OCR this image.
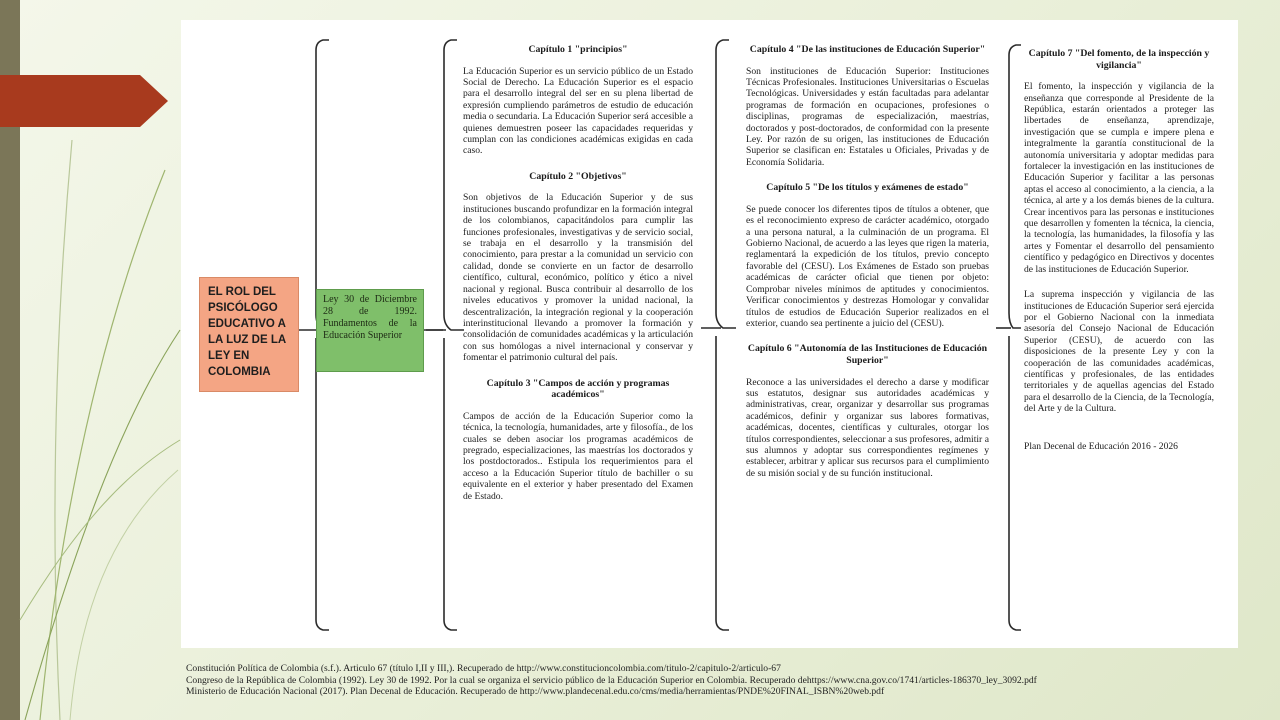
EL ROL DEL PSICÓLOGO EDUCATIVO A LA LUZ DE LA LEY EN COLOMBIA
Ley 30 de Diciembre 28 de 1992. Fundamentos de la Educación Superior

Capítulo 1 "principios"

La Educación Superior es un servicio público de un Estado Social de Derecho. La Educación Superior es el espacio para el desarrollo integral del ser en su plena libertad de expresión cumpliendo parámetros de estudio de educación media o secundaria. La Educación Superior será accesible a quienes demuestren poseer las capacidades requeridas y cumplan con las condiciones académicas exigidas en cada caso.

Capítulo 2 "Objetivos"

Son objetivos de la Educación Superior y de sus instituciones buscando profundizar en la formación integral de los colombianos, capacitándolos para cumplir las funciones profesionales, investigativas y de servicio social, se trabaja en el desarrollo y la transmisión del conocimiento, para prestar a la comunidad un servicio con calidad, donde se convierte en un factor de desarrollo científico, cultural, económico, político y ético a nivel nacional y regional. Busca contribuir al desarrollo de los niveles educativos y promover la unidad nacional, la descentralización, la integración regional y la cooperación interinstitucional llevando a promover la formación y consolidación de comunidades académicas y la articulación con sus homólogas a nivel internacional y conservar y fomentar el patrimonio cultural del país.

Capítulo 3 "Campos de acción y programas académicos"

Campos de acción de la Educación Superior como la técnica, la tecnología, humanidades, arte y filosofía., de los cuales se deben asociar los programas académicos de pregrado, especializaciones, las maestrías los doctorados y los postdoctorados.. Estipula los requerimientos para el acceso a la Educación Superior título de bachiller o su equivalente en el exterior y haber presentado del Examen de Estado.

Capítulo 4 "De las instituciones de Educación Superior"

Son instituciones de Educación Superior: Instituciones Técnicas Profesionales. Instituciones Universitarias o Escuelas Tecnológicas. Universidades y están facultadas para adelantar programas de formación en ocupaciones, profesiones o disciplinas, programas de especialización, maestrías, doctorados y post-doctorados, de conformidad con la presente Ley. Por razón de su origen, las instituciones de Educación Superior se clasifican en: Estatales u Oficiales, Privadas y de Economía Solidaria.

Capítulo 5 "De los títulos y exámenes de estado"

Se puede conocer los diferentes tipos de títulos a obtener, que es el reconocimiento expreso de carácter académico, otorgado a una persona natural, a la culminación de un programa. El Gobierno Nacional, de acuerdo a las leyes que rigen la materia, reglamentará la expedición de los títulos, previo concepto favorable del (CESU). Los Exámenes de Estado son pruebas académicas de carácter oficial que tienen por objeto: Comprobar niveles mínimos de aptitudes y conocimientos. Verificar conocimientos y destrezas Homologar y convalidar títulos de estudios de Educación Superior realizados en el exterior, cuando sea pertinente a juicio del (CESU).

Capítulo 6 "Autonomía de las Instituciones de Educación Superior"

Reconoce a las universidades el derecho a darse y modificar sus estatutos, designar sus autoridades académicas y administrativas, crear, organizar y desarrollar sus programas académicos, definir y organizar sus labores formativas, académicas, docentes, científicas y culturales, otorgar los títulos correspondientes, seleccionar a sus profesores, admitir a sus alumnos y adoptar sus correspondientes regímenes y establecer, arbitrar y aplicar sus recursos para el cumplimiento de su misión social y de su función institucional.

Capítulo 7 "Del fomento, de la inspección y vigilancia"

El fomento, la inspección y vigilancia de la enseñanza que corresponde al Presidente de la República, estarán orientados a proteger las libertades de enseñanza, aprendizaje, investigación que se cumpla e impere plena e integralmente la garantía constitucional de la autonomía universitaria y adoptar medidas para fortalecer la investigación en las instituciones de Educación Superior y facilitar a las personas aptas el acceso al conocimiento, a la ciencia, a la técnica, al arte y a los demás bienes de la cultura. Crear incentivos para las personas e instituciones que desarrollen y fomenten la técnica, la ciencia, la tecnología, las humanidades, la filosofía y las artes y Fomentar el desarrollo del pensamiento científico y pedagógico en Directivos y docentes de las instituciones de Educación Superior.

La suprema inspección y vigilancia de las instituciones de Educación Superior será ejercida por el Gobierno Nacional con la inmediata asesoría del Consejo Nacional de Educación Superior (CESU), de acuerdo con las disposiciones de la presente Ley y con la cooperación de las comunidades académicas, científicas y profesionales, de las entidades territoriales y de aquellas agencias del Estado para el desarrollo de la Ciencia, de la Tecnología, del Arte y de la Cultura.

Plan Decenal de Educación 2016 - 2026

Constitución Política de Colombia (s.f.). Articulo 67 (título I,II y III,). Recuperado de http://www.constitucioncolombia.com/titulo-2/capitulo-2/articulo-67
Congreso de la República de Colombia (1992). Ley 30 de 1992. Por la cual se organiza el servicio público de la Educación Superior en Colombia. Recuperado dehttps://www.cna.gov.co/1741/articles-186370_ley_3092.pdf
Ministerio de Educación Nacional (2017). Plan Decenal de Educación. Recuperado de http://www.plandecenal.edu.co/cms/media/herramientas/PNDE%20FINAL_ISBN%20web.pdf
